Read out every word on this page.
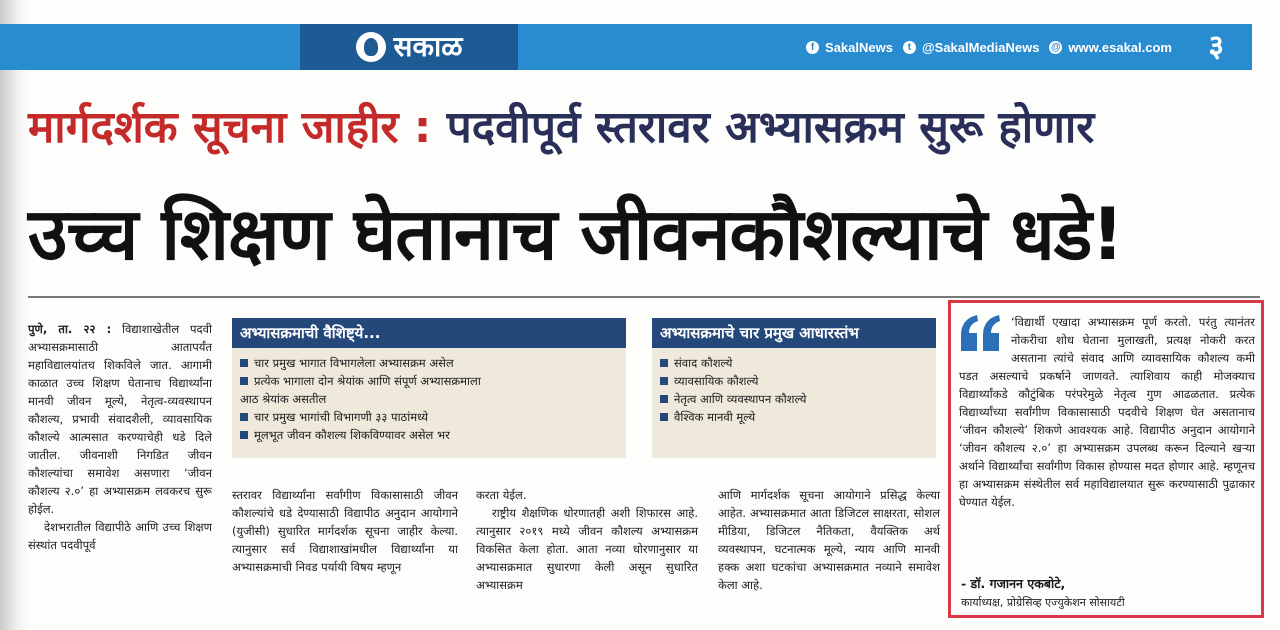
सकाळ	f SakalNews	t @SakalMediaNews @ www.esakal.com ३
मार्गदर्शक सूचना जाहीर : पदवीपूर्व स्तरावर अभ्यासक्रम सुरू होणार
उच्च शिक्षण घेतानाच जीवनकौशल्याचे धडे!

पुणे, ता. २२ : विद्याशाखेतील पदवी अभ्यासक्रमासाठी आतापर्यंत महाविद्यालयांतच शिकविले जात. आगामी काळात उच्च शिक्षण घेतानाच विद्यार्थ्यांना मानवी जीवन मूल्ये, नेतृत्व-व्यवस्थापन कौशल्य, प्रभावी संवादशैली, व्यावसायिक कौशल्ये आत्मसात करण्याचेही धडे दिले जातील. जीवनाशी निगडित जीवन कौशल्यांचा समावेश असणारा ‘जीवन कौशल्य २.०’ हा अभ्यासक्रम लवकरच सुरू होईल.

देशभरातील विद्यापीठे आणि उच्च शिक्षण संस्थांत पदवीपूर्व

अभ्यासक्रमाची वैशिष्ट्ये...
चार प्रमुख भागात विभागलेला अभ्यासक्रम असेल
प्रत्येक भागाला दोन श्रेयांक आणि संपूर्ण अभ्यासक्रमाला
आठ श्रेयांक असतील
चार प्रमुख भागांची विभागणी ३३ पाठांमध्ये
मूलभूत जीवन कौशल्य शिकविण्यावर असेल भर
अभ्यासक्रमाचे चार प्रमुख आधारस्तंभ
संवाद कौशल्ये
व्यावसायिक कौशल्ये
नेतृत्व आणि व्यवस्थापन कौशल्ये
वैश्विक मानवी मूल्ये

स्तरावर विद्यार्थ्यांना सर्वांगीण विकासासाठी जीवन कौशल्यांचे धडे देण्यासाठी विद्यापीठ अनुदान आयोगाने (युजीसी) सुधारित मार्गदर्शक सूचना जाहीर केल्या. त्यानुसार सर्व विद्याशाखांमधील विद्यार्थ्यांना या अभ्यासक्रमाची निवड पर्यायी विषय म्हणून

करता येईल.

राष्ट्रीय शैक्षणिक धोरणातही अशी शिफारस आहे. त्यानुसार २०१९ मध्ये जीवन कौशल्य अभ्यासक्रम विकसित केला होता. आता नव्या धोरणानुसार या अभ्यासक्रमात सुधारणा केली असून सुधारित अभ्यासक्रम

आणि मार्गदर्शक सूचना आयोगाने प्रसिद्ध केल्या आहेत. अभ्यासक्रमात आता डिजिटल साक्षरता, सोशल मीडिया, डिजिटल नैतिकता, वैयक्तिक अर्थ व्यवस्थापन, घटनात्मक मूल्ये, न्याय आणि मानवी हक्क अशा घटकांचा अभ्यासक्रमात नव्याने समावेश केला आहे.

‘विद्यार्थी एखादा अभ्यासक्रम पूर्ण करतो. परंतु त्यानंतर नोकरीचा शोध घेताना मुलाखती, प्रत्यक्ष नोकरी करत असताना त्यांचे संवाद आणि व्यावसायिक कौशल्य कमी पडत असल्याचे प्रकर्षाने जाणवते. त्याशिवाय काही मोजक्याच विद्यार्थ्यांकडे कौटुंबिक परंपरेमुळे नेतृत्व गुण आढळतात. प्रत्येक विद्यार्थ्यांच्या सर्वांगीण विकासासाठी पदवीचे शिक्षण घेत असतानाच ‘जीवन कौशल्ये’ शिकणे आवश्यक आहे. विद्यापीठ अनुदान आयोगाने ‘जीवन कौशल्य २.०’ हा अभ्यासक्रम उपलब्ध करून दिल्याने खऱ्या अर्थाने विद्यार्थ्यांचा सर्वांगीण विकास होण्यास मदत होणार आहे. म्हणूनच हा अभ्यासक्रम संस्थेतील सर्व महाविद्यालयात सुरू करण्यासाठी पुढाकार घेण्यात येईल.
- डॉ. गजानन एकबोटे,
कार्याध्यक्ष, प्रोग्रेसिव्ह एज्युकेशन सोसायटी
